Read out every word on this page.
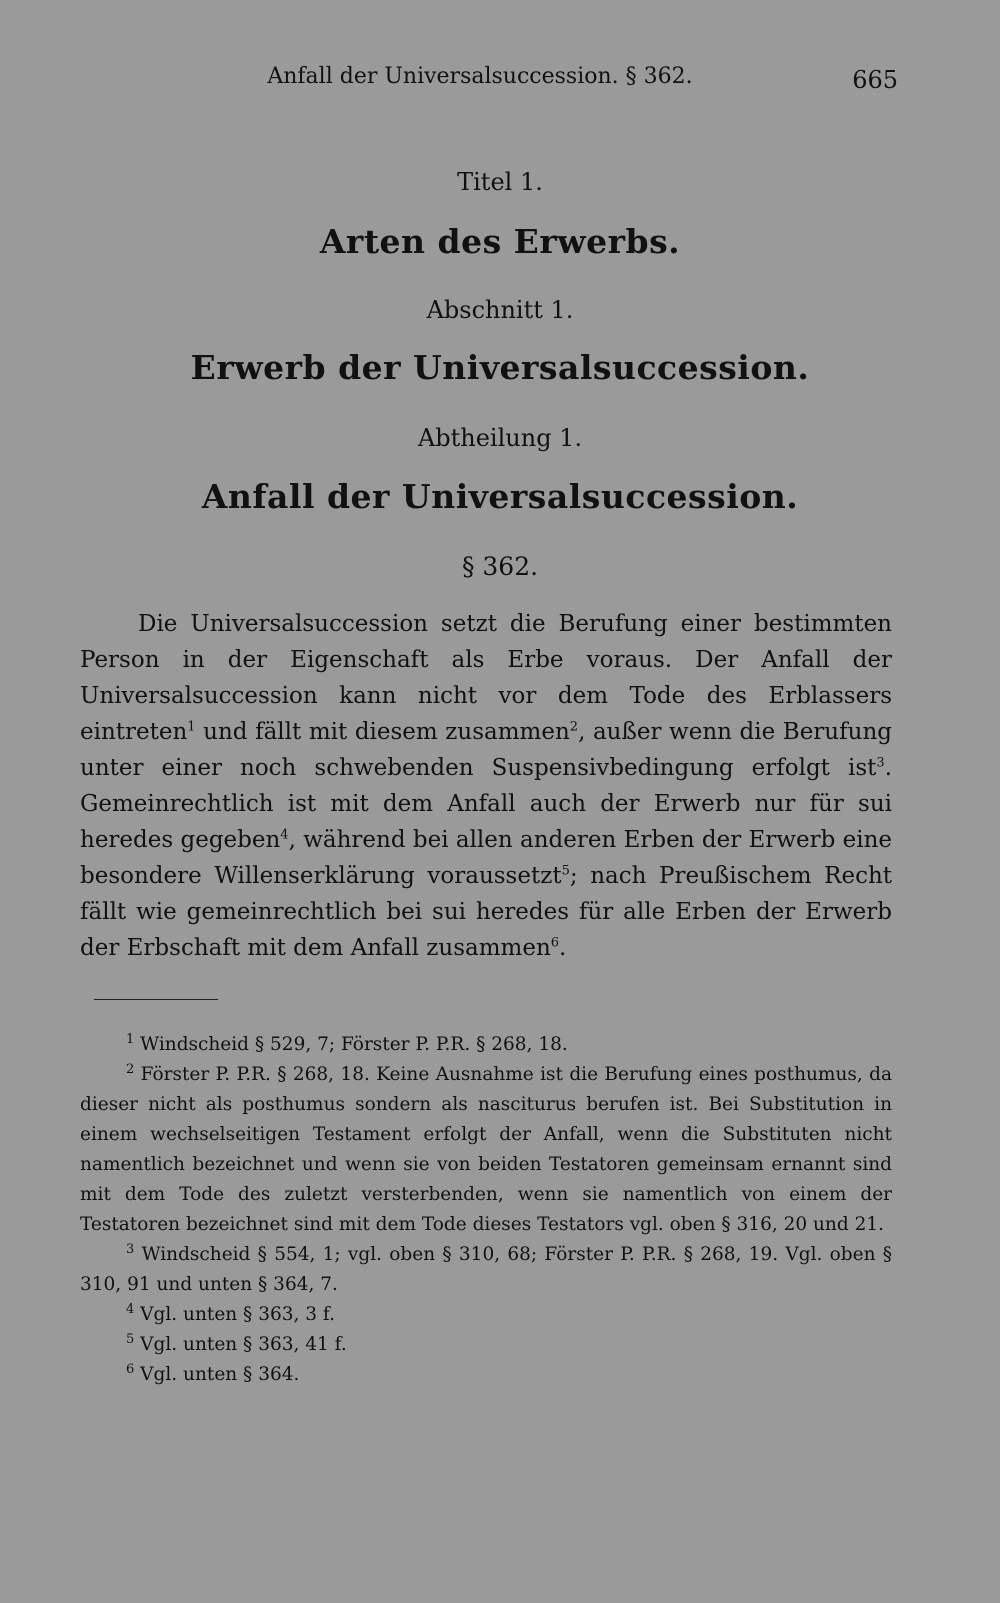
Anfall der Universalsuccession. § 362.	665
Titel 1.
Arten des Erwerbs.
Abschnitt 1.
Erwerb der Universalsuccession.
Abtheilung 1.
Anfall der Universalsuccession.
§ 362.

Die Universalsuccession setzt die Berufung einer bestimmten Person in der Eigenschaft als Erbe voraus. Der Anfall der Universalsuccession kann nicht vor dem Tode des Erblassers eintreten$^1$ und fällt mit diesem zusammen$^2$, außer wenn die Berufung unter einer noch schwebenden Suspensivbedingung erfolgt ist$^3$. Gemeinrechtlich ist mit dem Anfall auch der Erwerb nur für sui heredes gegeben$^4$, während bei allen anderen Erben der Erwerb eine besondere Willenserklärung voraussetzt$^5$; nach Preußischem Recht fällt wie gemeinrechtlich bei sui heredes für alle Erben der Erwerb der Erbschaft mit dem Anfall zusammen$^6$.

$^1$ Windscheid § 529, 7; Förster P. P.R. § 268, 18.

$^2$ Förster P. P.R. § 268, 18. Keine Ausnahme ist die Berufung eines posthumus, da dieser nicht als posthumus sondern als nasciturus berufen ist. Bei Substitution in einem wechselseitigen Testament erfolgt der Anfall, wenn die Substituten nicht namentlich bezeichnet und wenn sie von beiden Testatoren gemeinsam ernannt sind mit dem Tode des zuletzt versterbenden, wenn sie namentlich von einem der Testatoren bezeichnet sind mit dem Tode dieses Testators vgl. oben § 316, 20 und 21.

$^3$ Windscheid § 554, 1; vgl. oben § 310, 68; Förster P. P.R. § 268, 19. Vgl. oben § 310, 91 und unten § 364, 7.

$^4$ Vgl. unten § 363, 3 f.

$^5$ Vgl. unten § 363, 41 f.

$^6$ Vgl. unten § 364.
